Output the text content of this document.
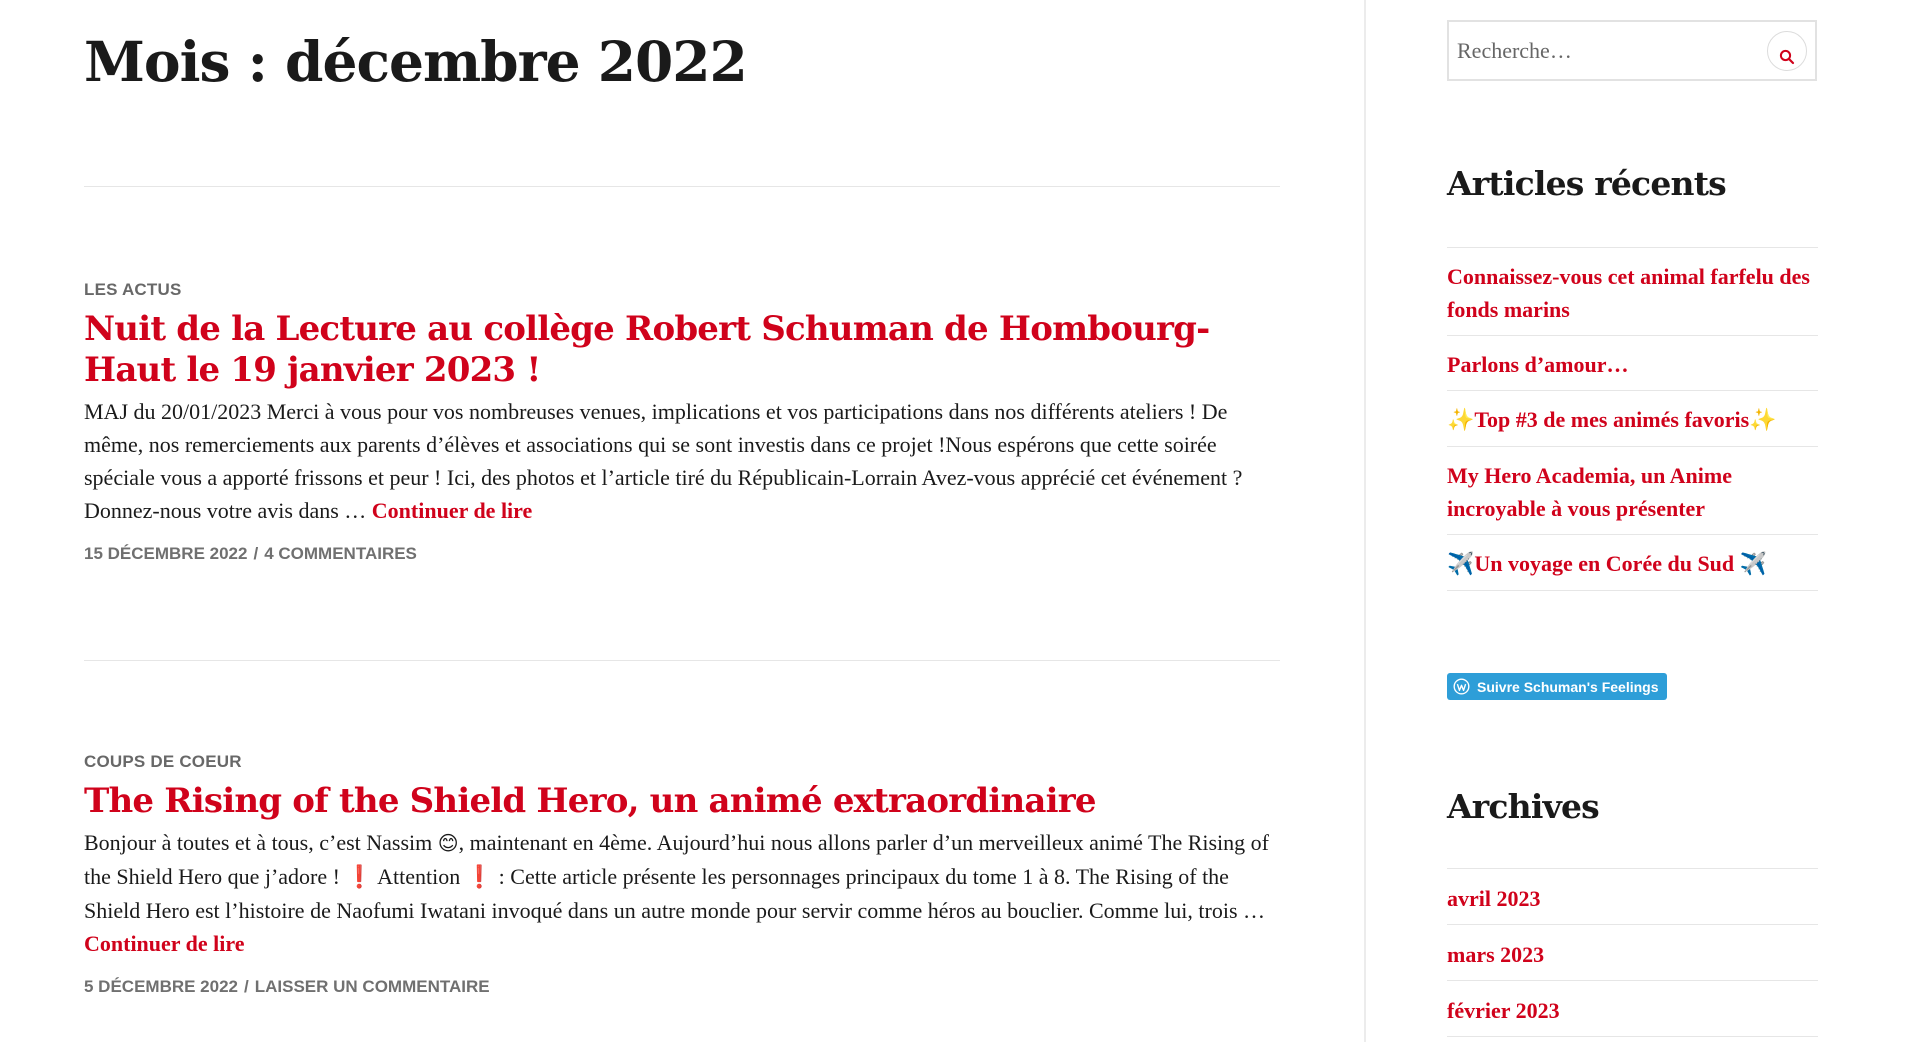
Mois : décembre 2022
LES ACTUS
Nuit de la Lecture au collège Robert Schuman de Hombourg-Haut le 19 janvier 2023 !

MAJ du 20/01/2023 Merci à vous pour vos nombreuses venues, implications et vos participations dans nos différents ateliers ! De même, nos remerciements aux parents d’élèves et associations qui se sont investis dans ce projet !Nous espérons que cette soirée spéciale vous a apporté frissons et peur ! Ici, des photos et l’article tiré du Républicain-Lorrain Avez-vous apprécié cet événement ? Donnez-nous votre avis dans … Continuer de lire

15 DÉCEMBRE 2022 / 4 COMMENTAIRES
COUPS DE COEUR
The Rising of the Shield Hero, un animé extraordinaire

Bonjour à toutes et à tous, c’est Nassim 😊, maintenant en 4ème. Aujourd’hui nous allons parler d’un merveilleux animé The Rising of the Shield Hero que j’adore ! ❗ Attention ❗ : Cette article présente les personnages principaux du tome 1 à 8. The Rising of the Shield Hero est l’histoire de Naofumi Iwatani invoqué dans un autre monde pour servir comme héros au bouclier. Comme lui, trois … Continuer de lire

5 DÉCEMBRE 2022 / LAISSER UN COMMENTAIRE
Recherche…
Articles récents
Connaissez-vous cet animal farfelu des fonds marins
Parlons d’amour…
✨Top #3 de mes animés favoris✨
My Hero Academia, un Anime incroyable à vous présenter
✈️Un voyage en Corée du Sud ✈️
Suivre Schuman's Feelings
Archives
avril 2023
mars 2023
février 2023
